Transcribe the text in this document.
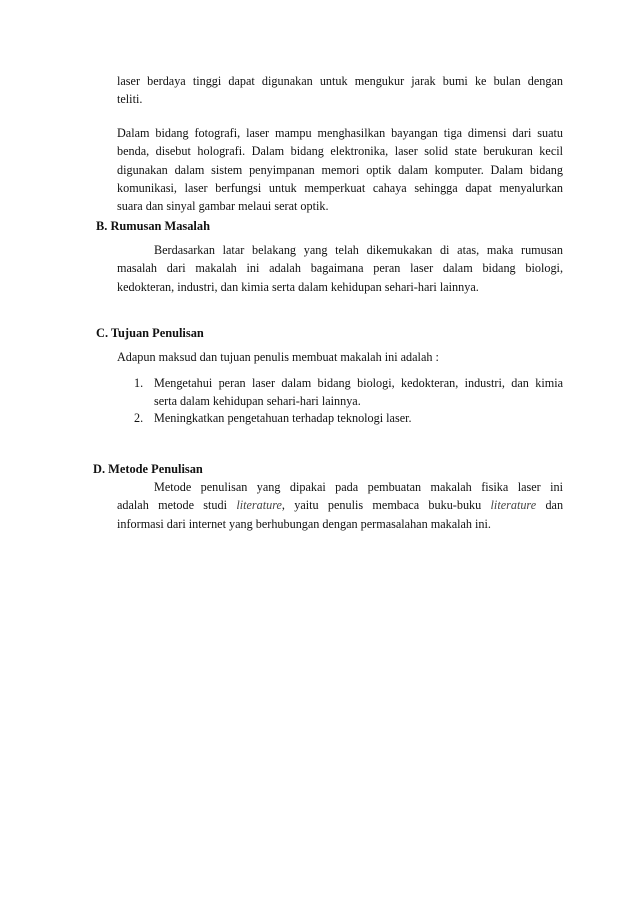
laser berdaya tinggi dapat digunakan untuk mengukur jarak bumi ke bulan dengan
teliti.
Dalam bidang fotografi, laser mampu menghasilkan bayangan tiga dimensi dari suatu
benda, disebut holografi. Dalam bidang elektronika, laser solid state berukuran kecil
digunakan dalam sistem penyimpanan memori optik dalam komputer. Dalam bidang
komunikasi, laser berfungsi untuk memperkuat cahaya sehingga dapat menyalurkan
suara dan sinyal gambar melaui serat optik.
B. Rumusan Masalah
Berdasarkan latar belakang yang telah dikemukakan di atas, maka rumusan
masalah dari makalah ini adalah bagaimana peran laser dalam bidang biologi,
kedokteran, industri, dan kimia serta dalam kehidupan sehari-hari lainnya.
C. Tujuan Penulisan
Adapun maksud dan tujuan penulis membuat makalah ini adalah :
1. Mengetahui peran laser dalam bidang biologi, kedokteran, industri, dan kimia
serta dalam kehidupan sehari-hari lainnya.
2. Meningkatkan pengetahuan terhadap teknologi laser.
D. Metode Penulisan
Metode penulisan yang dipakai pada pembuatan makalah fisika laser ini
adalah metode studi literature, yaitu penulis membaca buku-buku literature dan
informasi dari internet yang berhubungan dengan permasalahan makalah ini.
